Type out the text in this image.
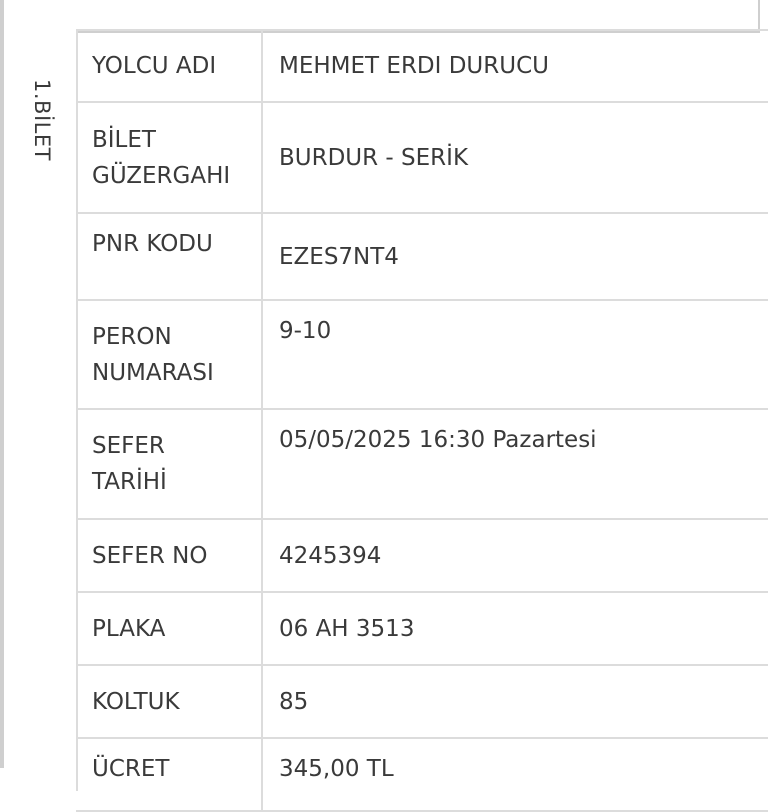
1.BİLET
YOLCU ADI	MEHMET ERDI DURUCU
BİLET GÜZERGAHI	BURDUR - SERİK
PNR KODU	EZES7NT4
PERON NUMARASI	9-10
SEFER TARİHİ	05/05/2025 16:30 Pazartesi
SEFER NO	4245394
PLAKA	06 AH 3513
KOLTUK	85
ÜCRET	345,00 TL
